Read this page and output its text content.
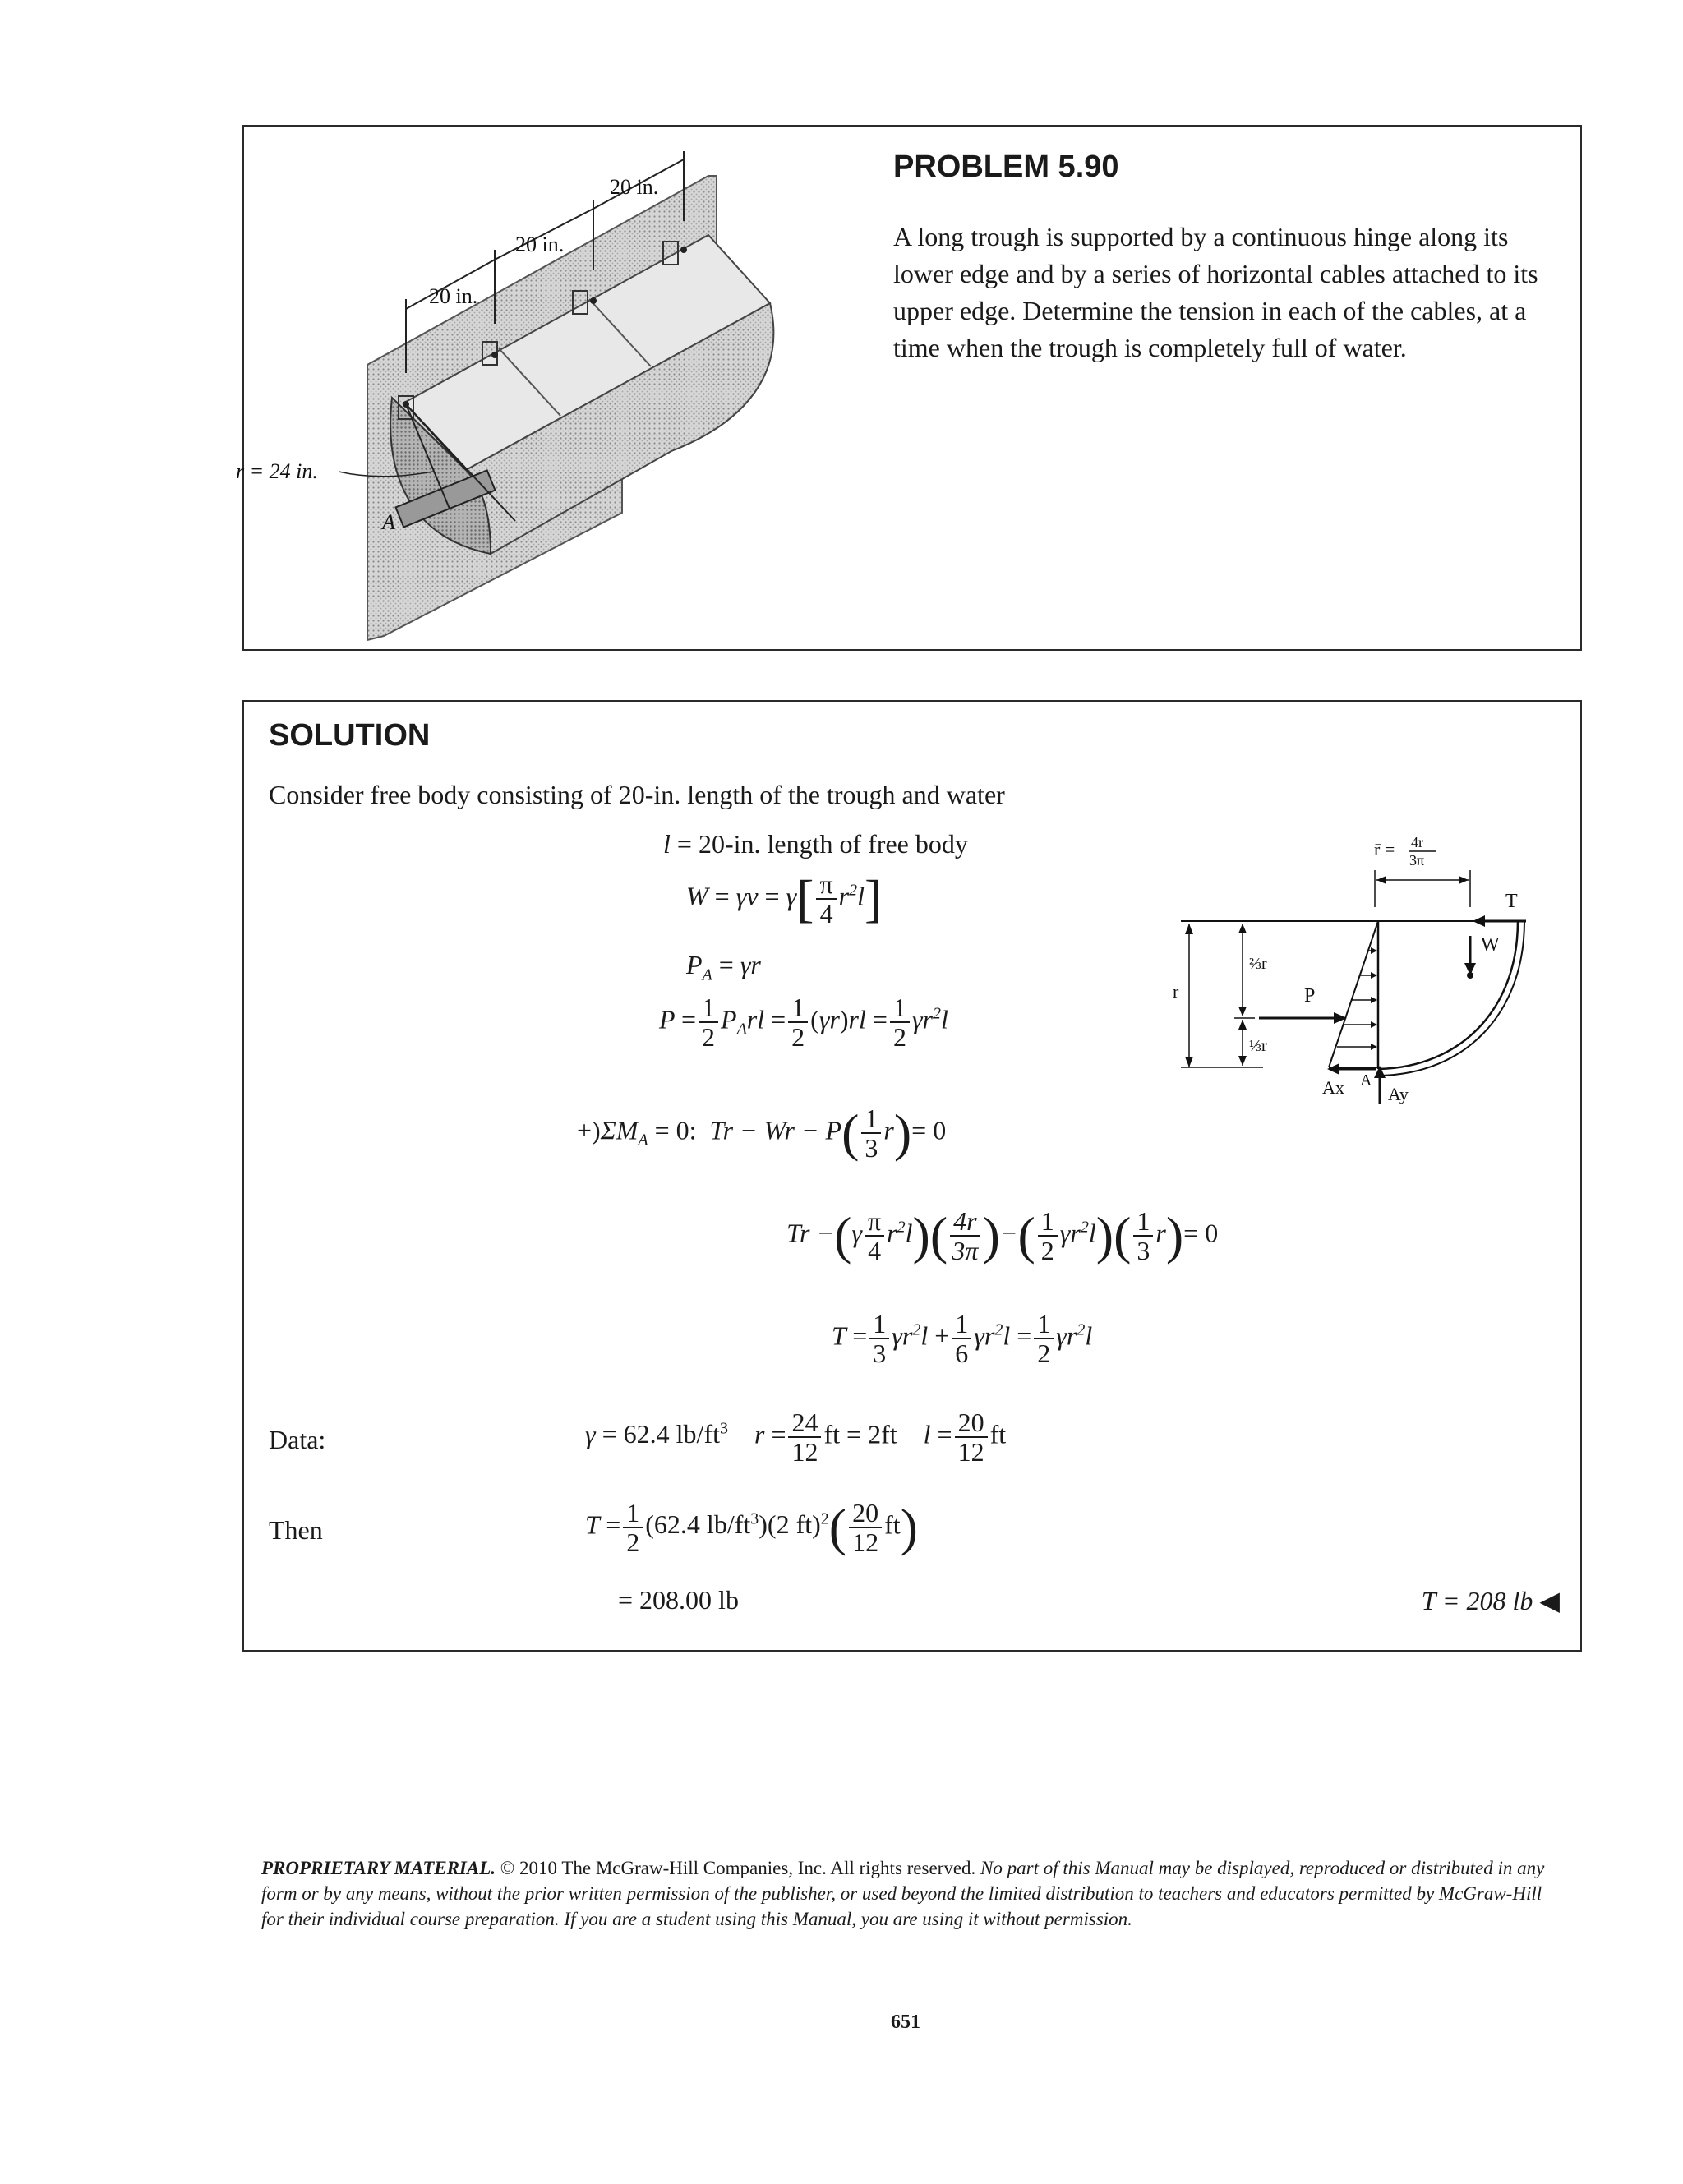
20 in.
20 in.
20 in.
r = 24 in.
A
PROBLEM 5.90

A long trough is supported by a continuous hinge along its lower edge and by a series of horizontal cables attached to its upper edge. Determine the tension in each of the cables, at a time when the trough is completely full of water.

SOLUTION
Consider free body consisting of 20-in. length of the trough and water
l = 20-in. length of free body
$W = \gamma v = \gamma[ \frac{\pi}{4} r^2l]$
$P_A = \gamma r$
$P = \frac{1}{2} P_Arl = \frac{1}{2} (\gamma r)rl = \frac{1}{2} \gamma r^2l$
$+)\Sigma M_A = 0$:  $Tr - Wr - P( \frac{1}{3} r)= 0$
$Tr -(\gamma \frac{\pi}{4} r^2l)( \frac{4r}{3\pi}$ )−( $\frac{1}{2} \gamma r^2l)( \frac{1}{3} r)= 0$
$T = \frac{1}{3} \gamma r^2l + \frac{1}{6} \gamma r^2l = \frac{1}{2} \gamma r^2l$
Data:	γ = 62.4 $lb/ft^3$    $r = \frac{24}{12}$ ft = 2ft    $l = \frac{20}{12}$ ft
Then	$T = \frac{1}{2} (62.4$ $lb/ft^3)(2$ $ft)^2( \frac{20}{12} ft)$
= 208.00 lb	T = 208 lb ◀
r̄ = 4r
3π
P
r
⅔r
⅓r
T
W
Ax A
Ay

PROPRIETARY MATERIAL. © 2010 The McGraw-Hill Companies, Inc. All rights reserved. No part of this Manual may be displayed, reproduced or distributed in any form or by any means, without the prior written permission of the publisher, or used beyond the limited distribution to teachers and educators permitted by McGraw-Hill for their individual course preparation. If you are a student using this Manual, you are using it without permission.

651
